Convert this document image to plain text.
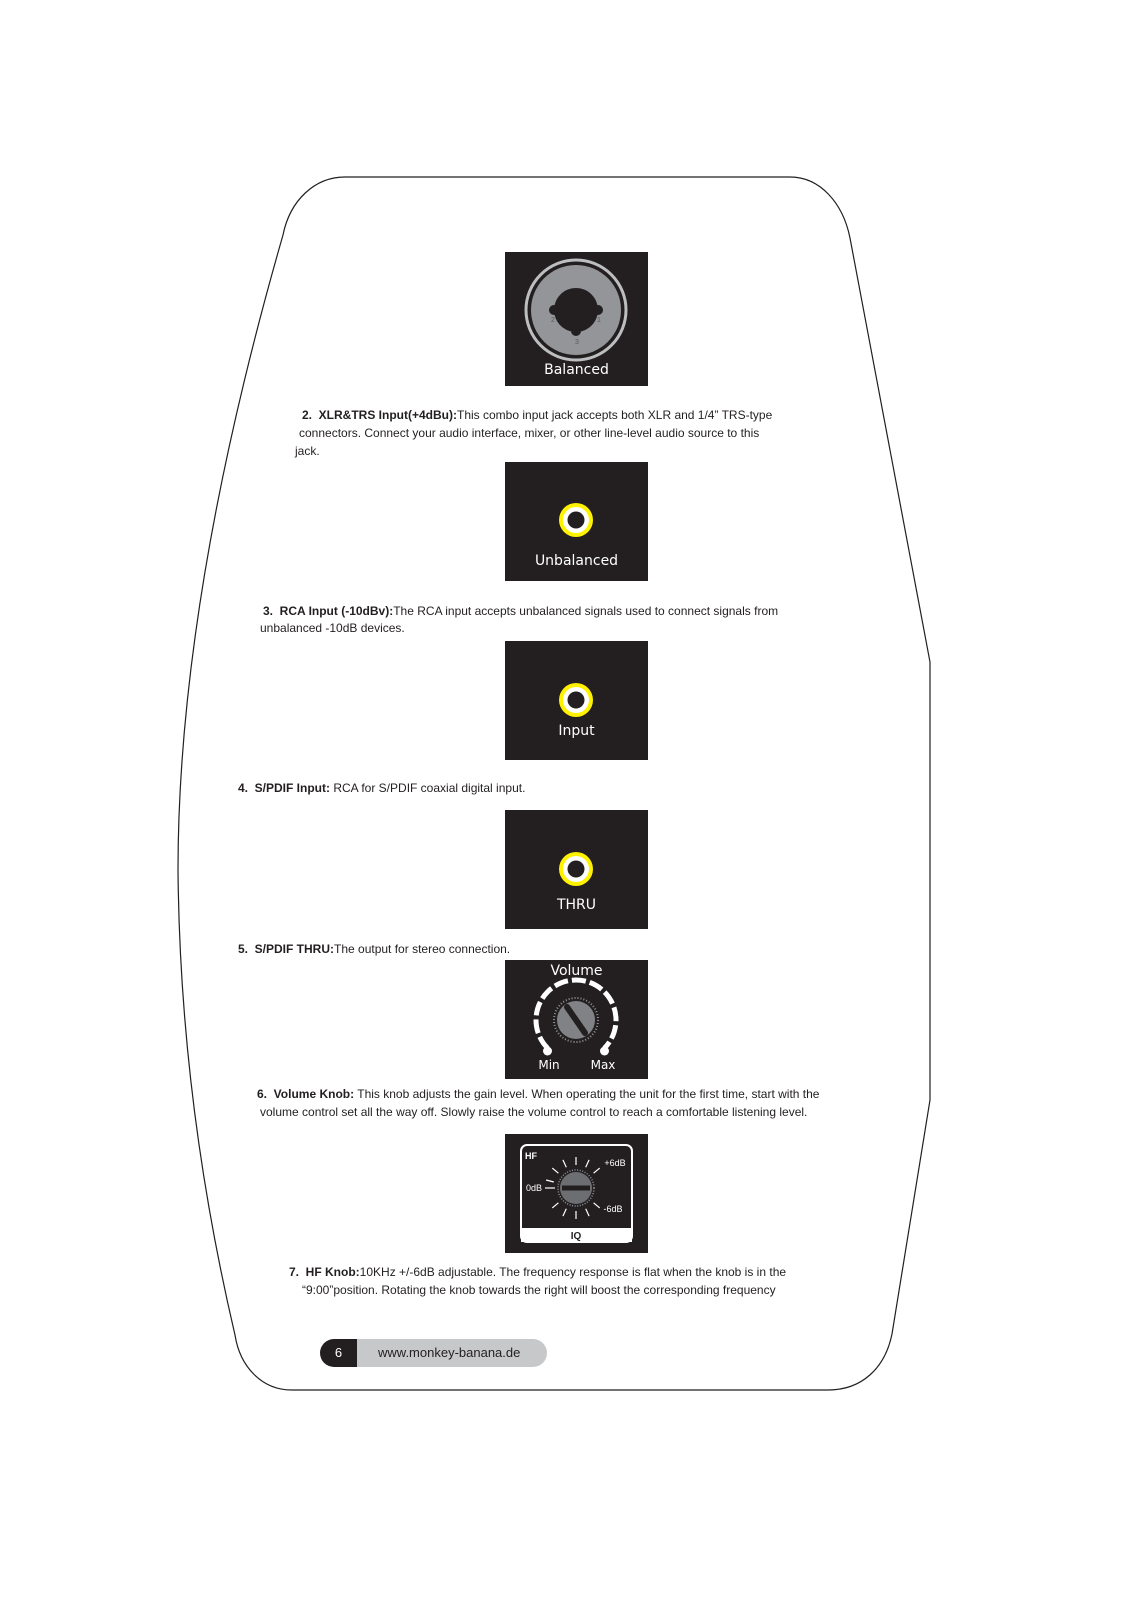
2	1
3
Balanced
2.  XLR&TRS Input(+4dBu):This combo input jack accepts both XLR and 1/4” TRS-type
connectors. Connect your audio interface, mixer, or other line-level audio source to this
jack.
Unbalanced
3.  RCA Input (-10dBv):The RCA input accepts unbalanced signals used to connect signals from
unbalanced -10dB devices.
Input
4.  S/PDIF Input: RCA for S/PDIF coaxial digital input.
THRU
5.  S/PDIF THRU:The output for stereo connection.
Volume
Min	Max
6.  Volume Knob: This knob adjusts the gain level. When operating the unit for the first time, start with the
volume control set all the way off. Slowly raise the volume control to reach a comfortable listening level.
HF
+6dB
0dB
-6dB
IQ
7.  HF Knob:10KHz +/-6dB adjustable. The frequency response is flat when the knob is in the
“9:00”position. Rotating the knob towards the right will boost the corresponding frequency
6	www.monkey-banana.de
